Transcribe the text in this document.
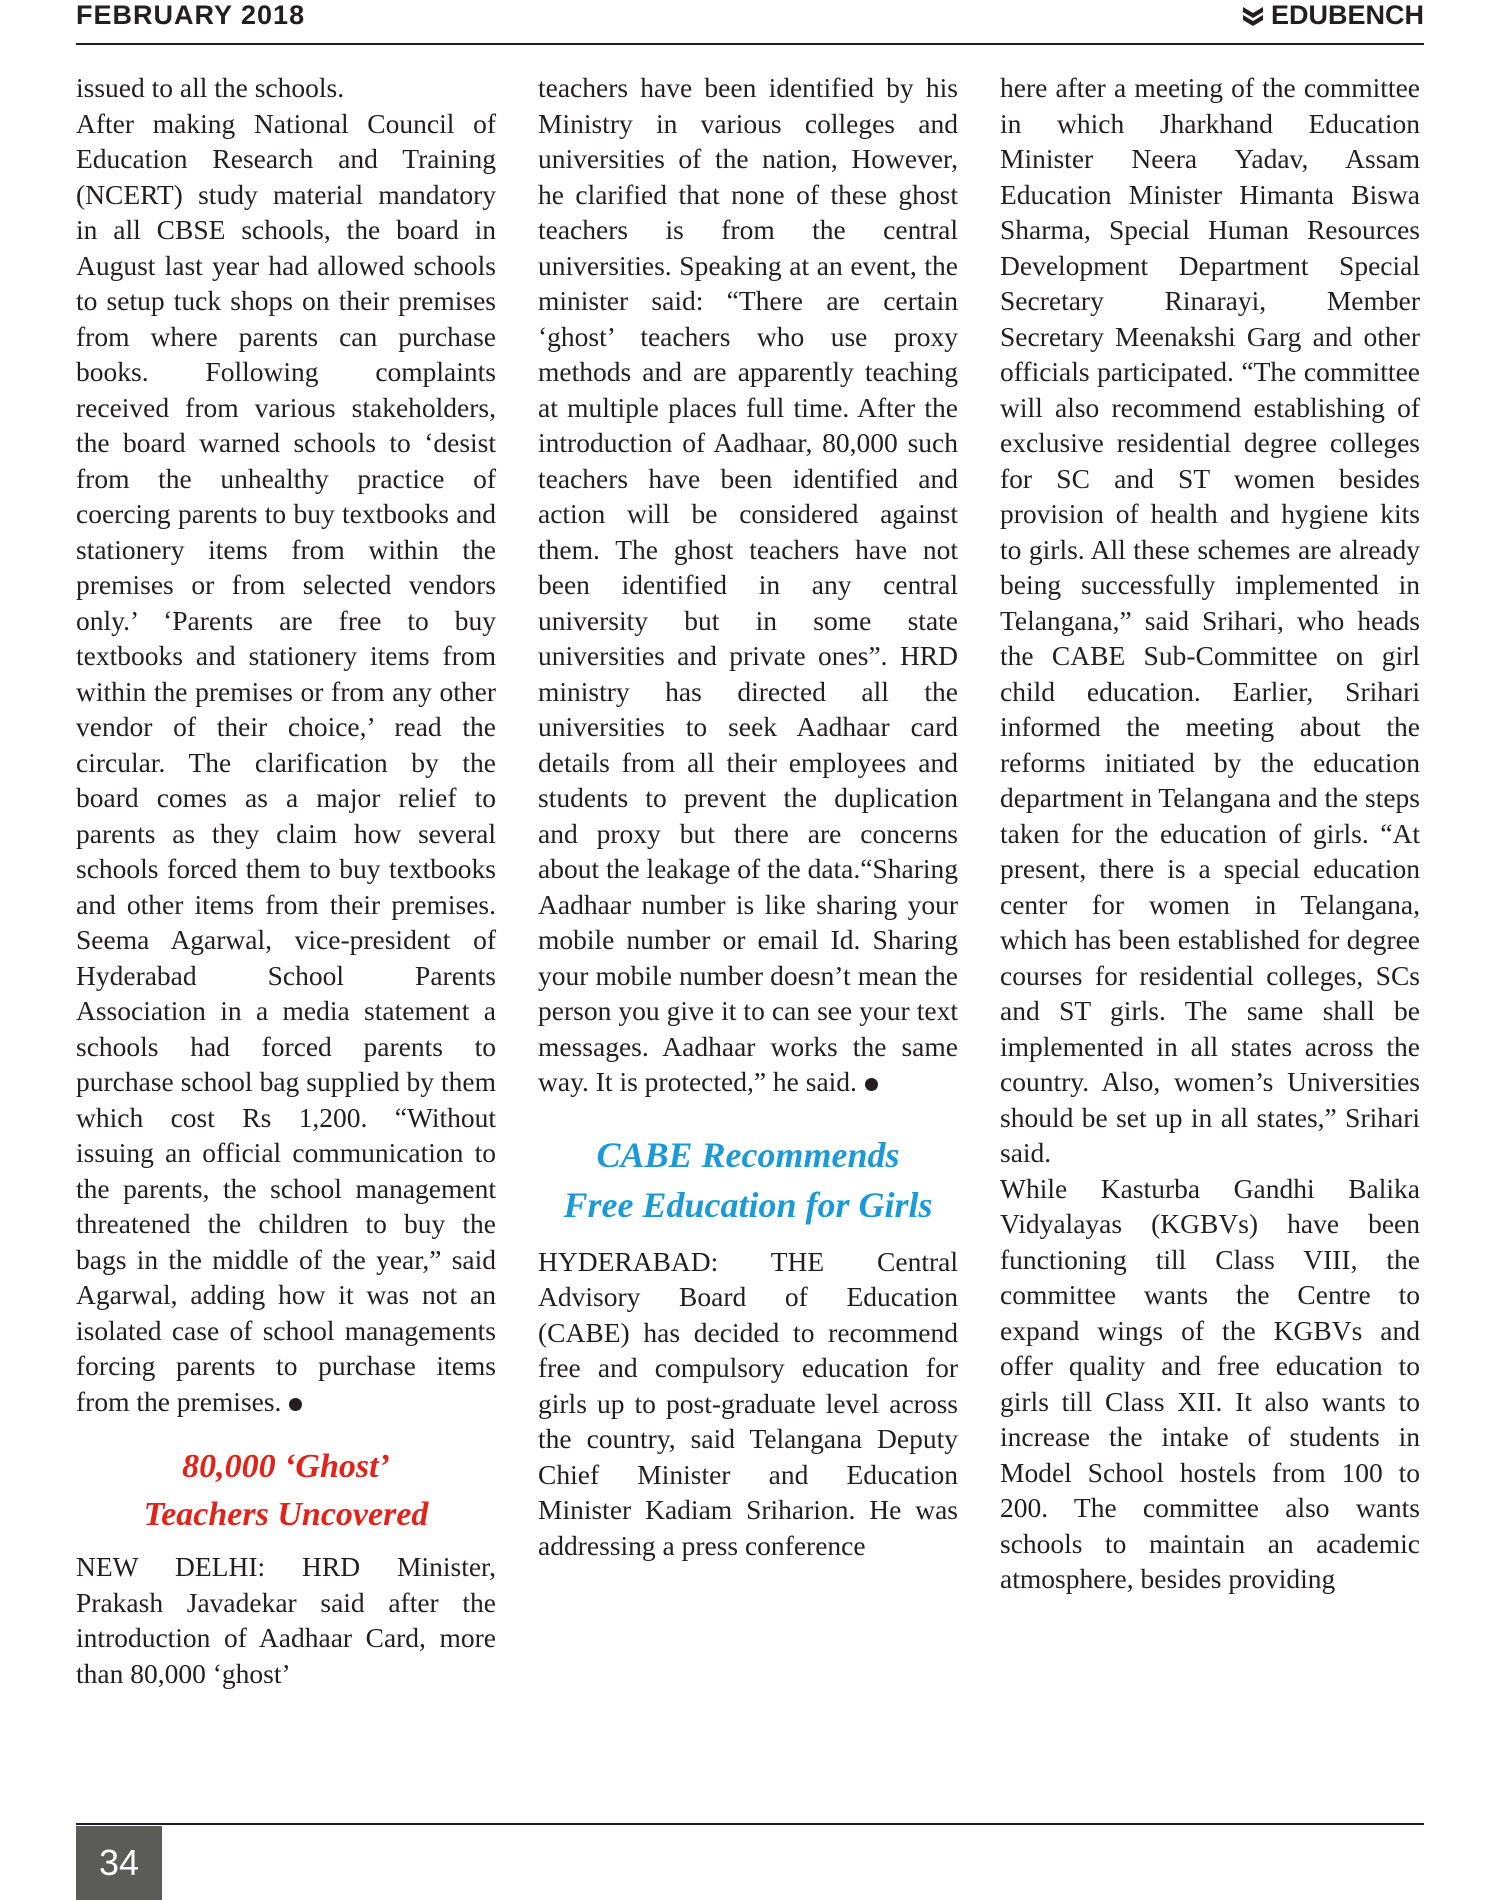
FEBRUARY 2018	EDUBENCH

issued to all the schools.

After making National Council of Education Research and Training (NCERT) study material mandatory in all CBSE schools, the board in August last year had allowed schools to setup tuck shops on their premises from where parents can purchase books. Following complaints received from various stakeholders, the board warned schools to ‘desist from the unhealthy practice of coercing parents to buy textbooks and stationery items from within the premises or from selected vendors only.’ ‘Parents are free to buy textbooks and stationery items from within the premises or from any other vendor of their choice,’ read the circular. The clarification by the board comes as a major relief to parents as they claim how several schools forced them to buy textbooks and other items from their premises. Seema Agarwal, vice-president of Hyderabad School Parents Association in a media statement a schools had forced parents to purchase school bag supplied by them which cost Rs 1,200. “Without issuing an official communication to the parents, the school management threatened the children to buy the bags in the middle of the year,” said Agarwal, adding how it was not an isolated case of school managements forcing parents to purchase items from the premises.

80,000 ‘Ghost’
Teachers Uncovered

NEW DELHI: HRD Minister, Prakash Javadekar said after the introduction of Aadhaar Card, more than 80,000 ‘ghost’

teachers have been identified by his Ministry in various colleges and universities of the nation, However, he clarified that none of these ghost teachers is from the central universities. Speaking at an event, the minister said: “There are certain ‘ghost’ teachers who use proxy methods and are apparently teaching at multiple places full time. After the introduction of Aadhaar, 80,000 such teachers have been identified and action will be considered against them. The ghost teachers have not been identified in any central university but in some state universities and private ones”. HRD ministry has directed all the universities to seek Aadhaar card details from all their employees and students to prevent the duplication and proxy but there are concerns about the leakage of the data.“Sharing Aadhaar number is like sharing your mobile number or email Id. Sharing your mobile number doesn’t mean the person you give it to can see your text messages. Aadhaar works the same way. It is protected,” he said.

CABE Recommends
Free Education for Girls

HYDERABAD: THE Central Advisory Board of Education (CABE) has decided to recommend free and compulsory education for girls up to post-graduate level across the country, said Telangana Deputy Chief Minister and Education Minister Kadiam Sriharion. He was addressing a press conference

here after a meeting of the committee in which Jharkhand Education Minister Neera Yadav, Assam Education Minister Himanta Biswa Sharma, Special Human Resources Development Department Special Secretary Rinarayi, Member Secretary Meenakshi Garg and other officials participated. “The committee will also recommend establishing of exclusive residential degree colleges for SC and ST women besides provision of health and hygiene kits to girls. All these schemes are already being successfully implemented in Telangana,” said Srihari, who heads the CABE Sub-Committee on girl child education. Earlier, Srihari informed the meeting about the reforms initiated by the education department in Telangana and the steps taken for the education of girls. “At present, there is a special education center for women in Telangana, which has been established for degree courses for residential colleges, SCs and ST girls. The same shall be implemented in all states across the country. Also, women’s Universities should be set up in all states,” Srihari said.

While Kasturba Gandhi Balika Vidyalayas (KGBVs) have been functioning till Class VIII, the committee wants the Centre to expand wings of the KGBVs and offer quality and free education to girls till Class XII. It also wants to increase the intake of students in Model School hostels from 100 to 200. The committee also wants schools to maintain an academic atmosphere, besides providing

34
